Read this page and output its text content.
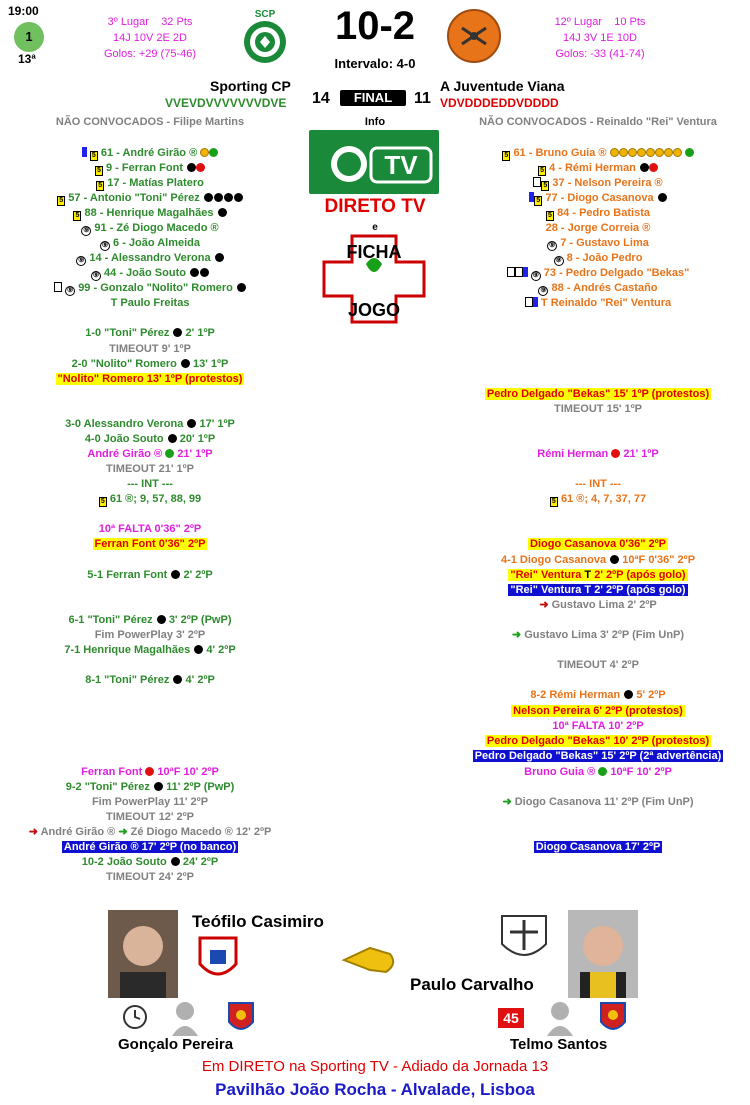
19:00
1
13ª
3º Lugar 32 Pts
14J 10V 2E 2D
Golos: +29 (75-46)
SCP	10-2
Intervalo: 4-0
12º Lugar 10 Pts
14J 3V 1E 10D
Golos: -33 (41-74)
Sporting CP	A Juventude Viana
VVEVDVVVVVVVDVE 14	FINAL	11 VDVDDDEDDVDDDD
NÃO CONVOCADOS - Filipe Martins	Info	NÃO CONVOCADOS - Reinaldo "Rei" Ventura
TV
DIRETO TV
e
FICHA
JOGO
5 61 - André Girão ®
5 9 - Ferran Font
5 17 - Matías Platero
5 57 - Antonio "Toni" Pérez
5 88 - Henrique Magalhães
⑨ 91 - Zé Diogo Macedo ®
⑨ 6 - João Almeida
⑨ 14 - Alessandro Verona
⑨ 44 - João Souto
⑨ 99 - Gonzalo "Nolito" Romero
T Paulo Freitas
5 61 - Bruno Guia ®
5 4 - Rémi Herman
5 37 - Nelson Pereira ®
5 77 - Diogo Casanova
5 84 - Pedro Batista
28 - Jorge Correia ®
⑨ 7 - Gustavo Lima
⑨ 8 - João Pedro
⑨ 73 - Pedro Delgado "Bekas"
⑨ 88 - Andrés Castaño
T Reinaldo "Rei" Ventura
1-0 "Toni" Pérez 2' 1ºP
TIMEOUT 9' 1ºP
2-0 "Nolito" Romero 13' 1ºP
"Nolito" Romero 13' 1ºP (protestos)
3-0 Alessandro Verona 17' 1ºP
4-0 João Souto 20' 1ºP
André Girão ® 21' 1ºP
TIMEOUT 21' 1ºP
--- INT ---
5 61 ®; 9, 57, 88, 99
10ª FALTA 0'36" 2ºP
Ferran Font 0'36" 2ºP
5-1 Ferran Font 2' 2ºP
6-1 "Toni" Pérez 3' 2ºP (PwP)
Fim PowerPlay 3' 2ºP
7-1 Henrique Magalhães 4' 2ºP
8-1 "Toni" Pérez 4' 2ºP
Ferran Font 10ªF 10' 2ºP
9-2 "Toni" Pérez 11' 2ºP (PwP)
Fim PowerPlay 11' 2ºP
TIMEOUT 12' 2ºP
➜ André Girão ® ➜ Zé Diogo Macedo ® 12' 2ºP
André Girão ® 17' 2ºP (no banco)
10-2 João Souto 24' 2ºP
TIMEOUT 24' 2ºP
Pedro Delgado "Bekas" 15' 1ºP (protestos)
TIMEOUT 15' 1ºP
Rémi Herman 21' 1ºP
--- INT ---
5 61 ®; 4, 7, 37, 77
Diogo Casanova 0'36" 2ºP
4-1 Diogo Casanova 10ªF 0'36" 2ºP
"Rei" Ventura T 2' 2ºP (após golo)
"Rei" Ventura T 2' 2ºP (após golo)
➜ Gustavo Lima 2' 2ºP
➜ Gustavo Lima 3' 2ºP (Fim UnP)
TIMEOUT 4' 2ºP
8-2 Rémi Herman 5' 2ºP
Nelson Pereira 6' 2ºP (protestos)
10ª FALTA 10' 2ºP
Pedro Delgado "Bekas" 10' 2ºP (protestos)
Pedro Delgado "Bekas" 15' 2ºP (2ª advertência)
Bruno Guia ® 10ªF 10' 2ºP
➜ Diogo Casanova 11' 2ºP (Fim UnP)
Diogo Casanova 17' 2ºP
Teófilo Casimiro
Paulo Carvalho
Gonçalo Pereira
45
Telmo Santos
Em DIRETO na Sporting TV - Adiado da Jornada 13
Pavilhão João Rocha - Alvalade, Lisboa
